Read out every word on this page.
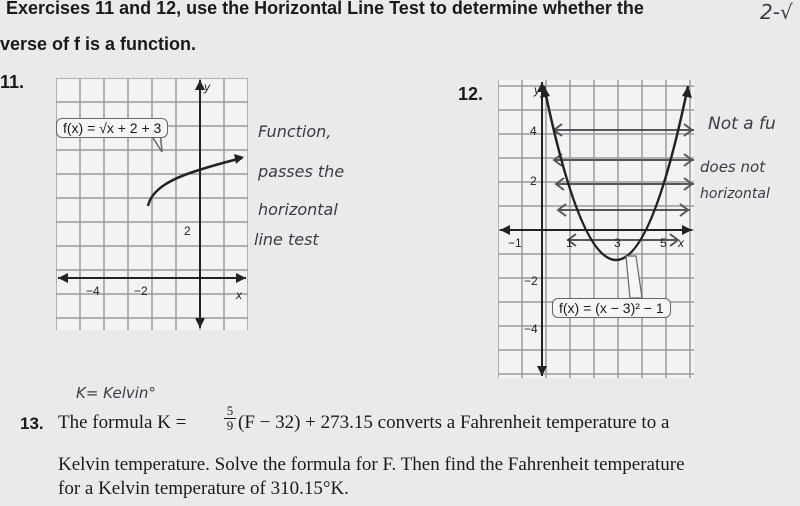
Exercises 11 and 12, use the Horizontal Line Test to determine whether the
verse of f is a function.
2-√
11.
f(x) = √x + 2 + 3
y
x
2
−4	−2
Function,
passes the
horizontal
line test
12.	y
x
4
2
−2
−4
−1	1	3	5
f(x) = (x − 3)² − 1
Not a fu
does not
horizontal
K= Kelvin°
13. The formula K =	$\frac{5}{9} (F - 32) + 273.15$ converts a Fahrenheit temperature to a
Kelvin temperature. Solve the formula for F. Then find the Fahrenheit temperature
for a Kelvin temperature of 310.15°K.
